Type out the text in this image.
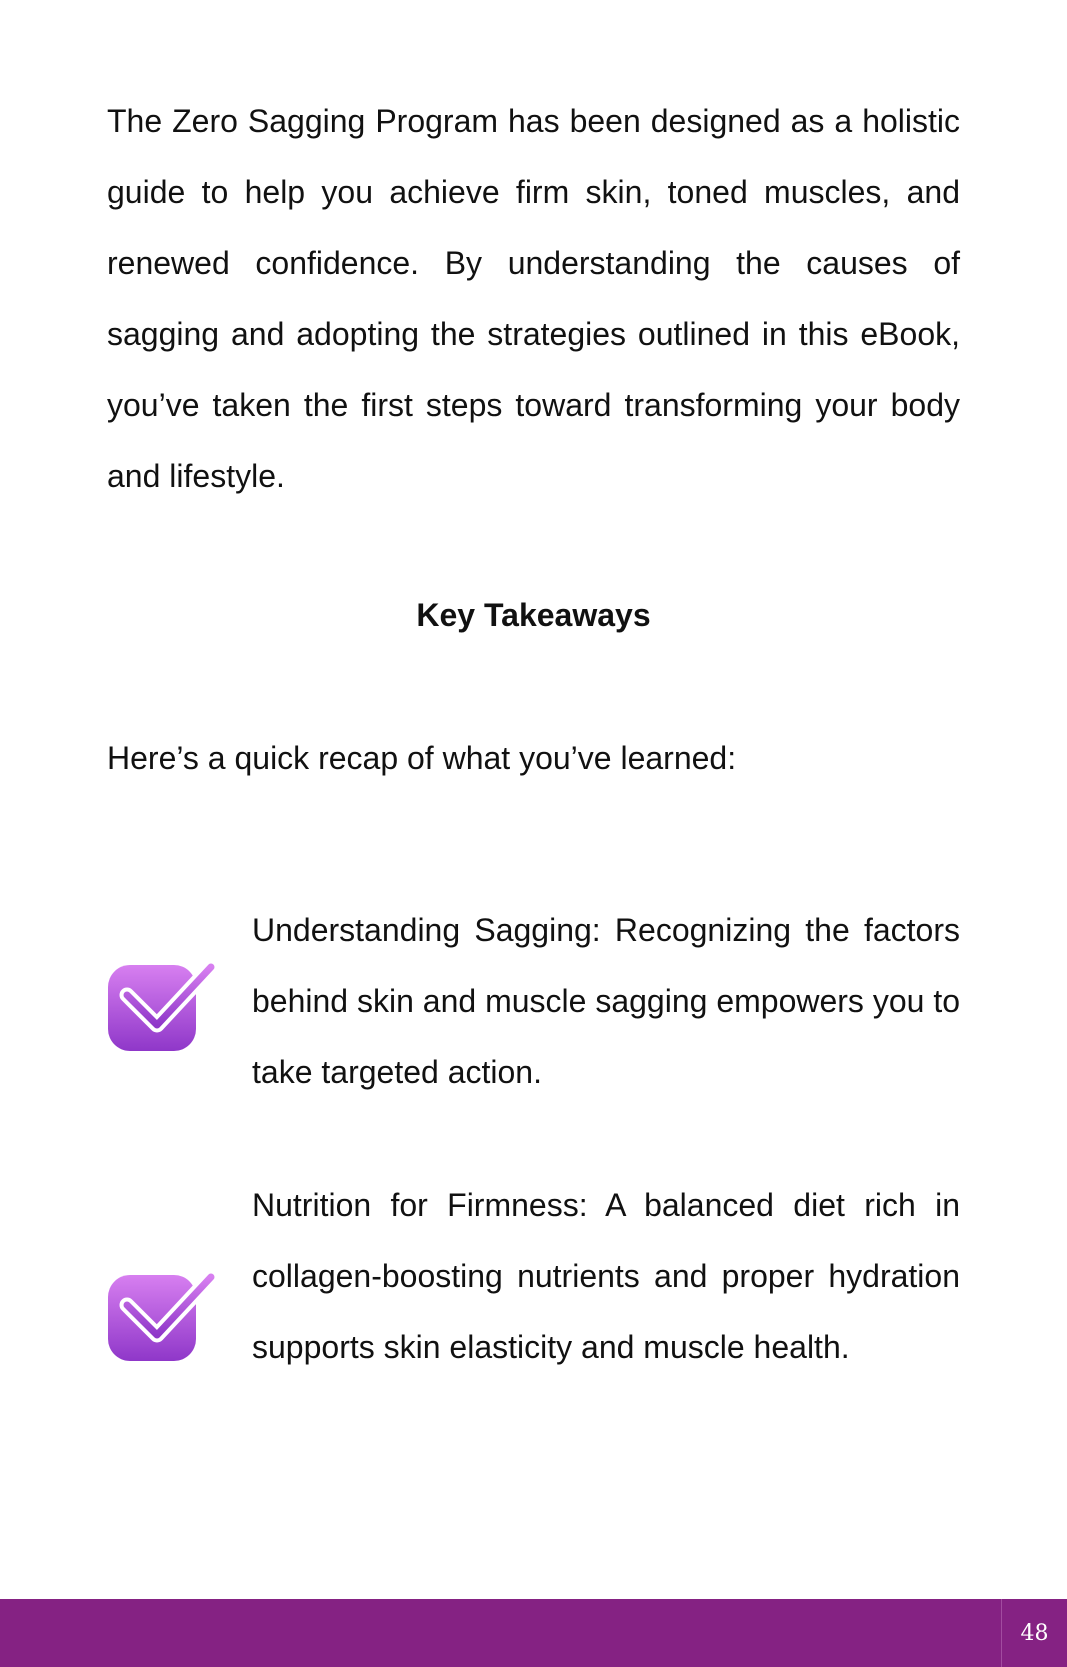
The Zero Sagging Program has been designed as a holistic guide to help you achieve firm skin, toned muscles, and renewed confidence. By understanding the causes of sagging and adopting the strategies outlined in this eBook, you’ve taken the first steps toward transforming your body and lifestyle.

Key Takeaways

Here’s a quick recap of what you’ve learned:

Understanding Sagging: Recognizing the factors behind skin and muscle sagging empowers you to take targeted action.

Nutrition for Firmness: A balanced diet rich in collagen-boosting nutrients and proper hydration supports skin elasticity and muscle health.

48
